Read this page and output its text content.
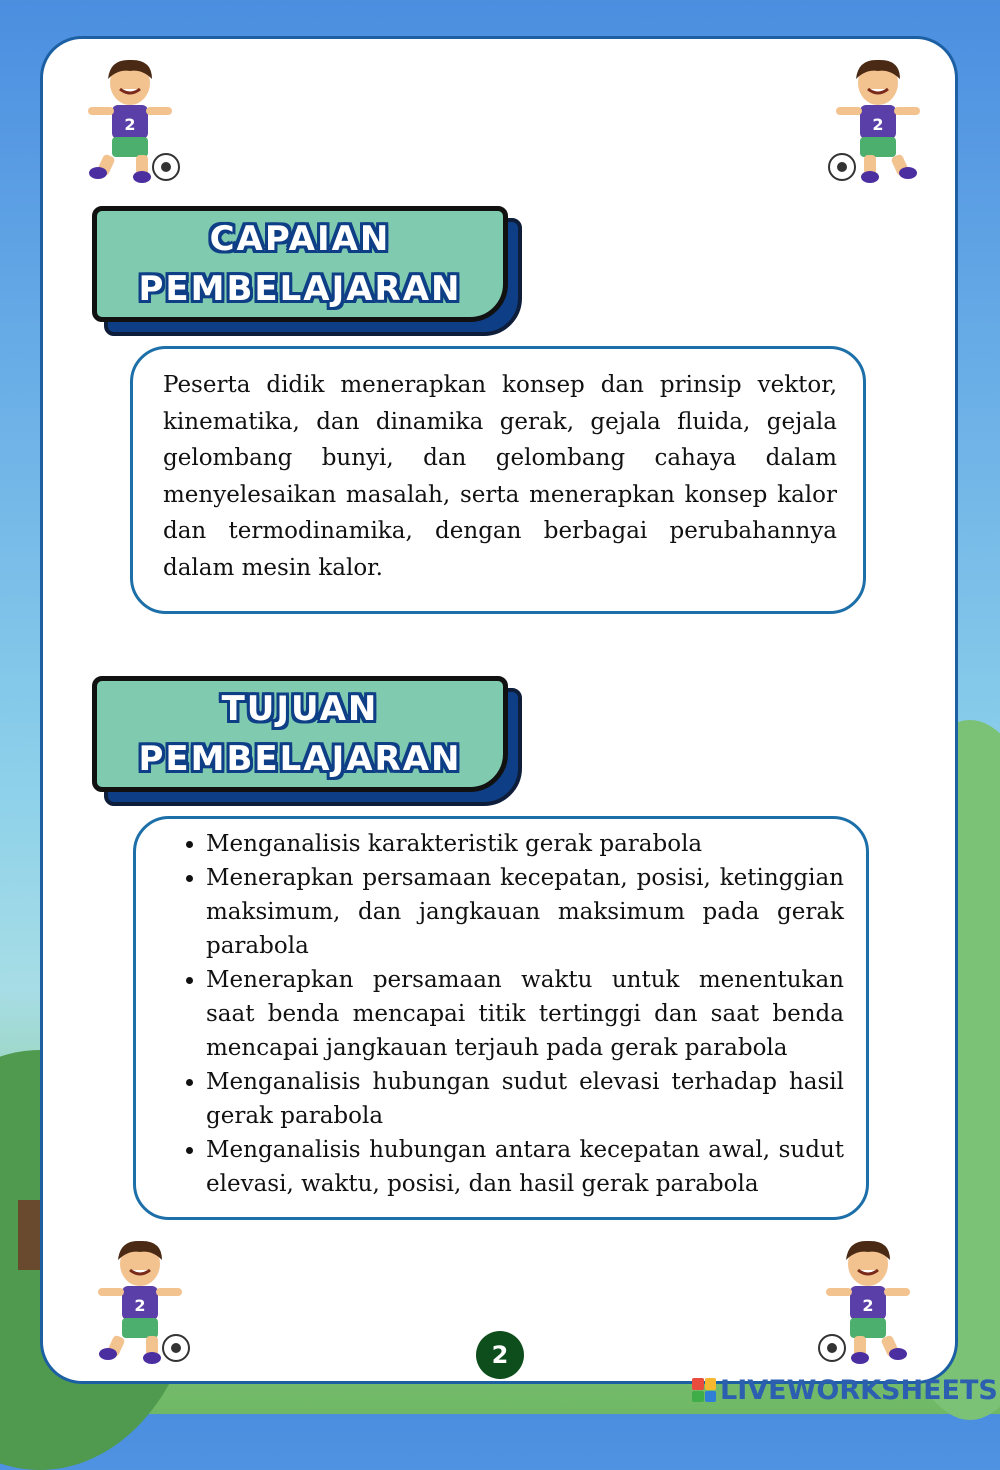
2	2
2	2
CAPAIAN
PEMBELAJARAN

Peserta didik menerapkan konsep dan prinsip vektor, kinematika, dan dinamika gerak, gejala fluida, gejala gelombang bunyi, dan gelombang cahaya dalam menyelesaikan masalah, serta menerapkan konsep kalor dan termodinamika, dengan berbagai perubahannya dalam mesin kalor.

TUJUAN
PEMBELAJARAN
• Menganalisis karakteristik gerak parabola
• Menerapkan persamaan kecepatan, posisi, ketinggian maksimum, dan jangkauan maksimum pada gerak parabola
• Menerapkan persamaan waktu untuk menentukan saat benda mencapai titik tertinggi dan saat benda mencapai jangkauan terjauh pada gerak parabola
• Menganalisis hubungan sudut elevasi terhadap hasil gerak parabola
• Menganalisis hubungan antara kecepatan awal, sudut elevasi, waktu, posisi, dan hasil gerak parabola
2
LIVEWORKSHEETS
